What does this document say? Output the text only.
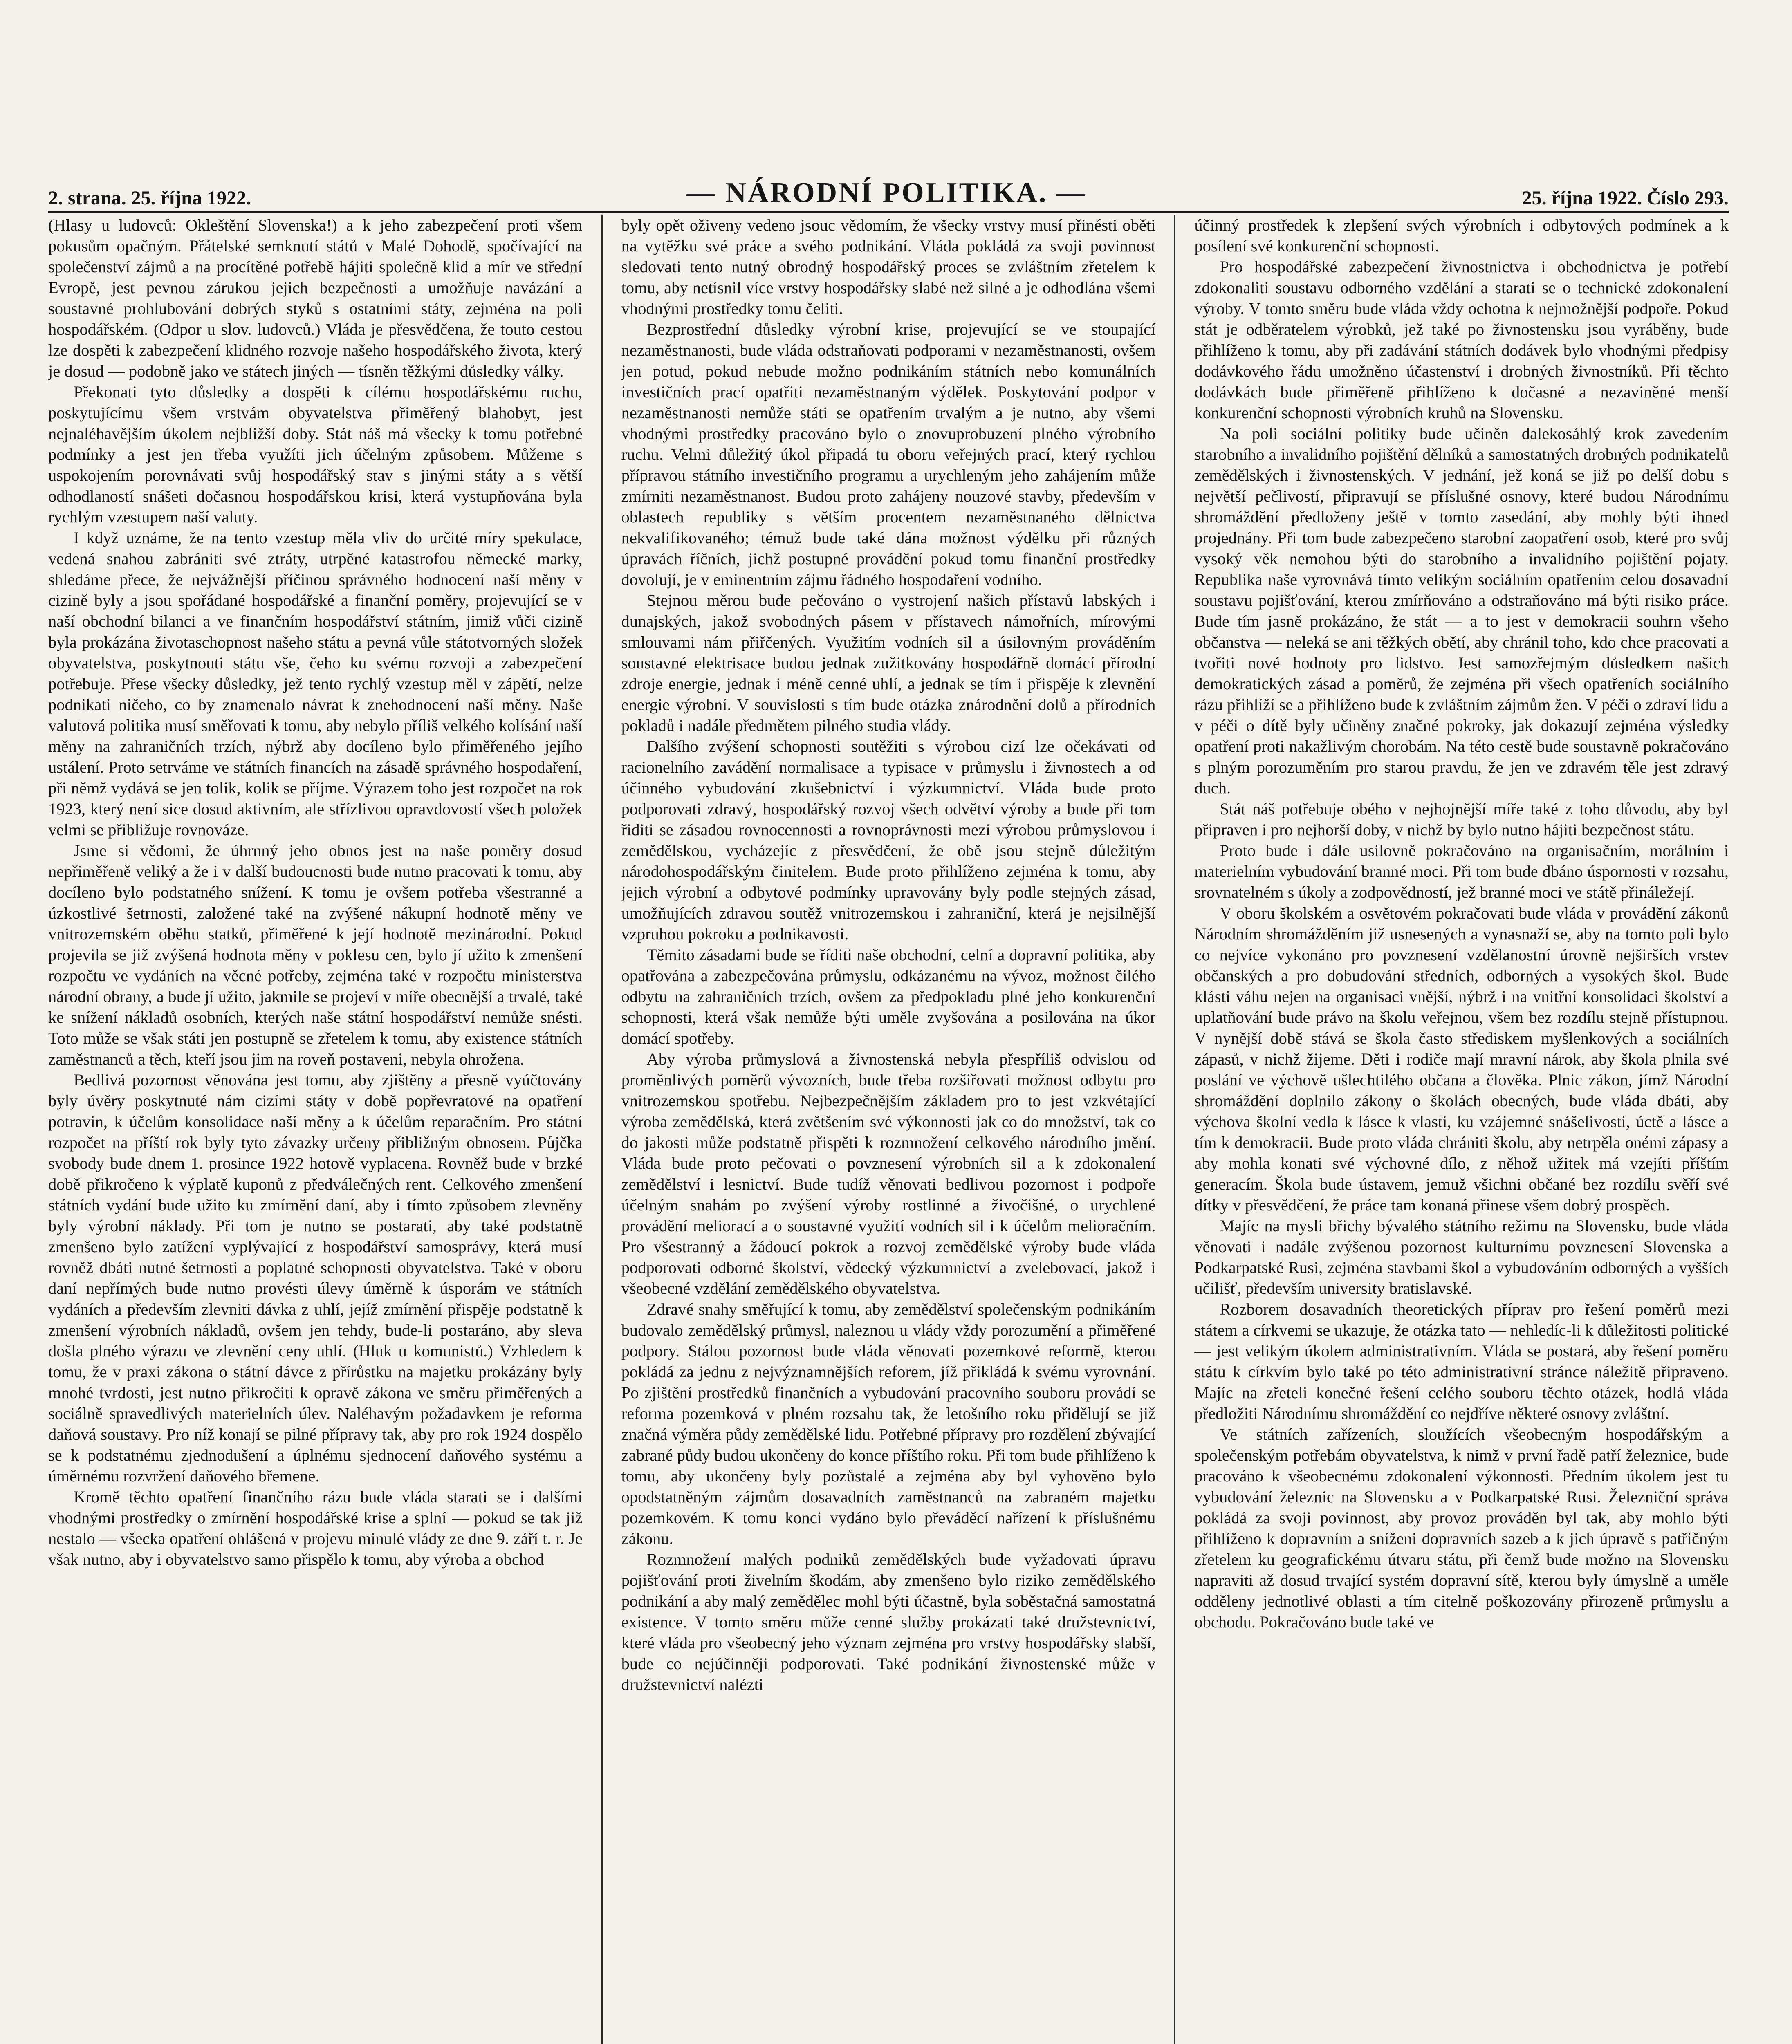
2. strana. 25. října 1922.	— NÁRODNÍ POLITIKA. —	25. října 1922. Číslo 293.

(Hlasy u ludovců: Okleštění Slovenska!) a k jeho zabezpečení proti všem pokusům opačným. Přátelské semknutí států v Malé Dohodě, spočívající na společenství zájmů a na procítěné potřebě hájiti společně klid a mír ve střední Evropě, jest pevnou zárukou jejich bezpečnosti a umožňuje navázání a soustavné prohlubování dobrých styků s ostatními státy, zejména na poli hospodářském. (Odpor u slov. ludovců.) Vláda je přesvědčena, že touto cestou lze dospěti k zabezpečení klidného rozvoje našeho hospodářského života, který je dosud — podobně jako ve státech jiných — tísněn těžkými důsledky války.

Překonati tyto důsledky a dospěti k cílému hospodářskému ruchu, poskytujícímu všem vrstvám obyvatelstva přiměřený blahobyt, jest nejnaléhavějším úkolem nejbližší doby. Stát náš má všecky k tomu potřebné podmínky a jest jen třeba využíti jich účelným způsobem. Můžeme s uspokojením porovnávati svůj hospodářský stav s jinými státy a s větší odhodlaností snášeti dočasnou hospodářskou krisi, která vystupňována byla rychlým vzestupem naší valuty.

I když uznáme, že na tento vzestup měla vliv do určité míry spekulace, vedená snahou zabrániti své ztráty, utrpěné katastrofou německé marky, shledáme přece, že nejvážnější příčinou správného hodnocení naší měny v cizině byly a jsou spořádané hospodářské a finanční poměry, projevující se v naší obchodní bilanci a ve finančním hospodářství státním, jimiž vůči cizině byla prokázána životaschopnost našeho státu a pevná vůle státotvorných složek obyvatelstva, poskytnouti státu vše, čeho ku svému rozvoji a zabezpečení potřebuje. Přese všecky důsledky, jež tento rychlý vzestup měl v zápětí, nelze podnikati ničeho, co by znamenalo návrat k znehodnocení naší měny. Naše valutová politika musí směřovati k tomu, aby nebylo příliš velkého kolísání naší měny na zahraničních trzích, nýbrž aby docíleno bylo přiměřeného jejího ustálení. Proto setrváme ve státních financích na zásadě správného hospodaření, při němž vydává se jen tolik, kolik se příjme. Výrazem toho jest rozpočet na rok 1923, který není sice dosud aktivním, ale střízlivou opravdovostí všech položek velmi se přibližuje rovnováze.

Jsme si vědomi, že úhrnný jeho obnos jest na naše poměry dosud nepřiměřeně veliký a že i v další budoucnosti bude nutno pracovati k tomu, aby docíleno bylo podstatného snížení. K tomu je ovšem potřeba všestranné a úzkostlivé šetrnosti, založené také na zvýšené nákupní hodnotě měny ve vnitrozemském oběhu statků, přiměřené k její hodnotě mezinárodní. Pokud projevila se již zvýšená hodnota měny v poklesu cen, bylo jí užito k zmenšení rozpočtu ve vydáních na věcné potřeby, zejména také v rozpočtu ministerstva národní obrany, a bude jí užito, jakmile se projeví v míře obecnější a trvalé, také ke snížení nákladů osobních, kterých naše státní hospodářství nemůže snésti. Toto může se však státi jen postupně se zřetelem k tomu, aby existence státních zaměstnanců a těch, kteří jsou jim na roveň postaveni, nebyla ohrožena.

Bedlivá pozornost věnována jest tomu, aby zjištěny a přesně vyúčtovány byly úvěry poskytnuté nám cizími státy v době popřevratové na opatření potravin, k účelům konsolidace naší měny a k účelům reparačním. Pro státní rozpočet na příští rok byly tyto závazky určeny přibližným obnosem. Půjčka svobody bude dnem 1. prosince 1922 hotově vyplacena. Rovněž bude v brzké době přikročeno k výplatě kuponů z předválečných rent. Celkového zmenšení státních vydání bude užito ku zmírnění daní, aby i tímto způsobem zlevněny byly výrobní náklady. Při tom je nutno se postarati, aby také podstatně zmenšeno bylo zatížení vyplývající z hospodářství samosprávy, která musí rovněž dbáti nutné šetrnosti a poplatné schopnosti obyvatelstva. Také v oboru daní nepřímých bude nutno provésti úlevy úměrně k úsporám ve státních vydáních a především zlevniti dávka z uhlí, jejíž zmírnění přispěje podstatně k zmenšení výrobních nákladů, ovšem jen tehdy, bude-li postaráno, aby sleva došla plného výrazu ve zlevnění ceny uhlí. (Hluk u komunistů.) Vzhledem k tomu, že v praxi zákona o státní dávce z přírůstku na majetku prokázány byly mnohé tvrdosti, jest nutno přikročiti k opravě zákona ve směru přiměřených a sociálně spravedlivých materielních úlev. Naléhavým požadavkem je reforma daňová soustavy. Pro níž konají se pilné přípravy tak, aby pro rok 1924 dospělo se k podstatnému zjednodušení a úplnému sjednocení daňového systému a úměrnému rozvržení daňového břemene.

Kromě těchto opatření finančního rázu bude vláda starati se i dalšími vhodnými prostředky o zmírnění hospodářské krise a splní — pokud se tak již nestalo — všecka opatření ohlášená v projevu minulé vlády ze dne 9. září t. r. Je však nutno, aby i obyvatelstvo samo přispělo k tomu, aby výroba a obchod

byly opět oživeny vedeno jsouc vědomím, že všecky vrstvy musí přinésti oběti na vytěžku své práce a svého podnikání. Vláda pokládá za svoji povinnost sledovati tento nutný obrodný hospodářský proces se zvláštním zřetelem k tomu, aby netísnil více vrstvy hospodářsky slabé než silné a je odhodlána všemi vhodnými prostředky tomu čeliti.

Bezprostřední důsledky výrobní krise, projevující se ve stoupající nezaměstnanosti, bude vláda odstraňovati podporami v nezaměstnanosti, ovšem jen potud, pokud nebude možno podnikáním státních nebo komunálních investičních prací opatřiti nezaměstnaným výdělek. Poskytování podpor v nezaměstnanosti nemůže státi se opatřením trvalým a je nutno, aby všemi vhodnými prostředky pracováno bylo o znovuprobuzení plného výrobního ruchu. Velmi důležitý úkol připadá tu oboru veřejných prací, který rychlou přípravou státního investičního programu a urychleným jeho zahájením může zmírniti nezaměstnanost. Budou proto zahájeny nouzové stavby, především v oblastech republiky s větším procentem nezaměstnaného dělnictva nekvalifikovaného; témuž bude také dána možnost výdělku při různých úpravách říčních, jichž postupné provádění pokud tomu finanční prostředky dovolují, je v eminentním zájmu řádného hospodaření vodního.

Stejnou měrou bude pečováno o vystrojení našich přístavů labských i dunajských, jakož svobodných pásem v přístavech námořních, mírovými smlouvami nám přiřčených. Využitím vodních sil a úsilovným prováděním soustavné elektrisace budou jednak zužitkovány hospodářně domácí přírodní zdroje energie, jednak i méně cenné uhlí, a jednak se tím i přispěje k zlevnění energie výrobní. V souvislosti s tím bude otázka znárodnění dolů a přírodních pokladů i nadále předmětem pilného studia vlády.

Dalšího zvýšení schopnosti soutěžiti s výrobou cizí lze očekávati od racionelního zavádění normalisace a typisace v průmyslu i živnostech a od účinného vybudování zkušebnictví i výzkumnictví. Vláda bude proto podporovati zdravý, hospodářský rozvoj všech odvětví výroby a bude při tom řiditi se zásadou rovnocennosti a rovnoprávnosti mezi výrobou průmyslovou i zemědělskou, vycházejíc z přesvědčení, že obě jsou stejně důležitým národohospodářským činitelem. Bude proto přihlíženo zejména k tomu, aby jejich výrobní a odbytové podmínky upravovány byly podle stejných zásad, umožňujících zdravou soutěž vnitrozemskou i zahraniční, která je nejsilnější vzpruhou pokroku a podnikavosti.

Těmito zásadami bude se říditi naše obchodní, celní a dopravní politika, aby opatřována a zabezpečována průmyslu, odkázanému na vývoz, možnost čilého odbytu na zahraničních trzích, ovšem za předpokladu plné jeho konkurenční schopnosti, která však nemůže býti uměle zvyšována a posilována na úkor domácí spotřeby.

Aby výroba průmyslová a živnostenská nebyla přespříliš odvislou od proměnlivých poměrů vývozních, bude třeba rozšiřovati možnost odbytu pro vnitrozemskou spotřebu. Nejbezpečnějším základem pro to jest vzkvétající výroba zemědělská, která zvětšením své výkonnosti jak co do množství, tak co do jakosti může podstatně přispěti k rozmnožení celkového národního jmění. Vláda bude proto pečovati o povznesení výrobních sil a k zdokonalení zemědělství i lesnictví. Bude tudíž věnovati bedlivou pozornost i podpoře účelným snahám po zvýšení výroby rostlinné a živočišné, o urychlené provádění meliorací a o soustavné využití vodních sil i k účelům melioračním. Pro všestranný a žádoucí pokrok a rozvoj zemědělské výroby bude vláda podporovati odborné školství, vědecký výzkumnictví a zvelebovací, jakož i všeobecné vzdělání zemědělského obyvatelstva.

Zdravé snahy směřující k tomu, aby zemědělství společenským podnikáním budovalo zemědělský průmysl, naleznou u vlády vždy porozumění a přiměřené podpory. Stálou pozornost bude vláda věnovati pozemkové reformě, kterou pokládá za jednu z nejvýznamnějších reforem, jíž přikládá k svému vyrovnání. Po zjištění prostředků finančních a vybudování pracovního souboru provádí se reforma pozemková v plném rozsahu tak, že letošního roku přidělují se již značná výměra půdy zemědělské lidu. Potřebné přípravy pro rozdělení zbývající zabrané půdy budou ukončeny do konce příštího roku. Při tom bude přihlíženo k tomu, aby ukončeny byly pozůstalé a zejména aby byl vyhověno bylo opodstatněným zájmům dosavadních zaměstnanců na zabraném majetku pozemkovém. K tomu konci vydáno bylo převáděcí nařízení k příslušnému zákonu.

Rozmnožení malých podniků zemědělských bude vyžadovati úpravu pojišťování proti živelním škodám, aby zmenšeno bylo riziko zemědělského podnikání a aby malý zemědělec mohl býti účastně, byla soběstačná samostatná existence. V tomto směru může cenné služby prokázati také družstevnictví, které vláda pro všeobecný jeho význam zejména pro vrstvy hospodářsky slabší, bude co nejúčinněji podporovati. Také podnikání živnostenské může v družstevnictví nalézti

účinný prostředek k zlepšení svých výrobních i odbytových podmínek a k posílení své konkurenční schopnosti.

Pro hospodářské zabezpečení živnostnictva i obchodnictva je potřebí zdokonaliti soustavu odborného vzdělání a starati se o technické zdokonalení výroby. V tomto směru bude vláda vždy ochotna k nejmožnější podpoře. Pokud stát je odběratelem výrobků, jež také po živnostensku jsou vyráběny, bude přihlíženo k tomu, aby při zadávání státních dodávek bylo vhodnými předpisy dodávkového řádu umožněno účastenství i drobných živnostníků. Při těchto dodávkách bude přiměřeně přihlíženo k dočasné a nezaviněné menší konkurenční schopnosti výrobních kruhů na Slovensku.

Na poli sociální politiky bude učiněn dalekosáhlý krok zavedením starobního a invalidního pojištění dělníků a samostatných drobných podnikatelů zemědělských i živnostenských. V jednání, jež koná se již po delší dobu s největší pečlivostí, připravují se příslušné osnovy, které budou Národnímu shromáždění předloženy ještě v tomto zasedání, aby mohly býti ihned projednány. Při tom bude zabezpečeno starobní zaopatření osob, které pro svůj vysoký věk nemohou býti do starobního a invalidního pojištění pojaty. Republika naše vyrovnává tímto velikým sociálním opatřením celou dosavadní soustavu pojišťování, kterou zmírňováno a odstraňováno má býti risiko práce. Bude tím jasně prokázáno, že stát — a to jest v demokracii souhrn všeho občanstva — neleká se ani těžkých obětí, aby chránil toho, kdo chce pracovati a tvořiti nové hodnoty pro lidstvo. Jest samozřejmým důsledkem našich demokratických zásad a poměrů, že zejména při všech opatřeních sociálního rázu přihlíží se a přihlíženo bude k zvláštním zájmům žen. V péči o zdraví lidu a v péči o dítě byly učiněny značné pokroky, jak dokazují zejména výsledky opatření proti nakažlivým chorobám. Na této cestě bude soustavně pokračováno s plným porozuměním pro starou pravdu, že jen ve zdravém těle jest zdravý duch.

Stát náš potřebuje obého v nejhojnější míře také z toho důvodu, aby byl připraven i pro nejhorší doby, v nichž by bylo nutno hájiti bezpečnost státu.

Proto bude i dále usilovně pokračováno na organisačním, morálním i materielním vybudování branné moci. Při tom bude dbáno úspornosti v rozsahu, srovnatelném s úkoly a zodpovědností, jež branné moci ve státě přináležejí.

V oboru školském a osvětovém pokračovati bude vláda v provádění zákonů Národním shromážděním již usnesených a vynasnaží se, aby na tomto poli bylo co nejvíce vykonáno pro povznesení vzdělanostní úrovně nejširších vrstev občanských a pro dobudování středních, odborných a vysokých škol. Bude klásti váhu nejen na organisaci vnější, nýbrž i na vnitřní konsolidaci školství a uplatňování bude právo na školu veřejnou, všem bez rozdílu stejně přístupnou. V nynější době stává se škola často střediskem myšlenkových a sociálních zápasů, v nichž žijeme. Děti i rodiče mají mravní nárok, aby škola plnila své poslání ve výchově ušlechtilého občana a člověka. Plnic zákon, jímž Národní shromáždění doplnilo zákony o školách obecných, bude vláda dbáti, aby výchova školní vedla k lásce k vlasti, ku vzájemné snášelivosti, úctě a lásce a tím k demokracii. Bude proto vláda chrániti školu, aby netrpěla onémi zápasy a aby mohla konati své výchovné dílo, z něhož užitek má vzejíti příštím generacím. Škola bude ústavem, jemuž všichni občané bez rozdílu svěří své dítky v přesvědčení, že práce tam konaná přinese všem dobrý prospěch.

Majíc na mysli břichy bývalého státního režimu na Slovensku, bude vláda věnovati i nadále zvýšenou pozornost kulturnímu povznesení Slovenska a Podkarpatské Rusi, zejména stavbami škol a vybudováním odborných a vyšších učilišť, především university bratislavské.

Rozborem dosavadních theoretických příprav pro řešení poměrů mezi státem a církvemi se ukazuje, že otázka tato — nehledíc-li k důležitosti politické — jest velikým úkolem administrativním. Vláda se postará, aby řešení poměru státu k církvím bylo také po této administrativní stránce náležitě připraveno. Majíc na zřeteli konečné řešení celého souboru těchto otázek, hodlá vláda předložiti Národnímu shromáždění co nejdříve některé osnovy zvláštní.

Ve státních zařízeních, sloužících všeobecným hospodářským a společenským potřebám obyvatelstva, k nimž v první řadě patří železnice, bude pracováno k všeobecnému zdokonalení výkonnosti. Předním úkolem jest tu vybudování železnic na Slovensku a v Podkarpatské Rusi. Železniční správa pokládá za svoji povinnost, aby provoz prováděn byl tak, aby mohlo býti přihlíženo k dopravním a sníženi dopravních sazeb a k jich úpravě s patřičným zřetelem ku geografickému útvaru státu, při čemž bude možno na Slovensku napraviti až dosud trvající systém dopravní sítě, kterou byly úmyslně a uměle odděleny jednotlivé oblasti a tím citelně poškozovány přirozeně průmyslu a obchodu. Pokračováno bude také ve
